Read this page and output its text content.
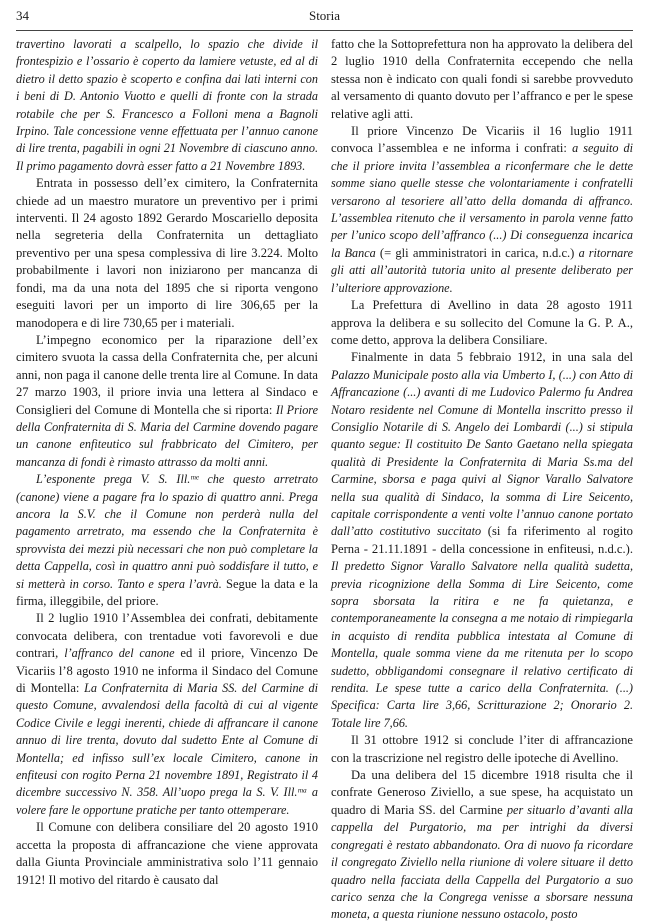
34	Storia

travertino lavorati a scalpello, lo spazio che divide il frontespizio e l’ossario è coperto da lamiere vetuste, ed al di dietro il detto spazio è scoperto e confina dai lati interni con i beni di D. Antonio Vuotto e quelli di fronte con la strada rotabile che per S. Francesco a Folloni mena a Bagnoli Irpino. Tale concessione venne effettuata per l’annuo canone di lire trenta, pagabili in ogni 21 Novembre di ciascuno anno. Il primo pagamento dovrà esser fatto a 21 Novembre 1893.

Entrata in possesso dell’ex cimitero, la Confraternita chiede ad un maestro muratore un preventivo per i primi interventi. Il 24 agosto 1892 Gerardo Moscariello deposita nella segreteria della Confraternita un dettagliato preventivo per una spesa complessiva di lire 3.224. Molto probabilmente i lavori non iniziarono per mancanza di fondi, ma da una nota del 1895 che si riporta vengono eseguiti lavori per un importo di lire 306,65 per la manodopera e di lire 730,65 per i materiali.

L’impegno economico per la riparazione dell’ex cimitero svuota la cassa della Confraternita che, per alcuni anni, non paga il canone delle trenta lire al Comune. In data 27 marzo 1903, il priore invia una lettera al Sindaco e Consiglieri del Comune di Montella che si riporta: Il Priore della Confraternita di S. Maria del Carmine dovendo pagare un canone enfiteutico sul frabbricato del Cimitero, per mancanza di fondi è rimasto attrasso da molti anni.

L’esponente prega V. S. Ill.ᵐᵉ che questo arretrato (canone) viene a pagare fra lo spazio di quattro anni. Prega ancora la S.V. che il Comune non perderà nulla del pagamento arretrato, ma essendo che la Confraternita è sprovvista dei mezzi più necessari che non può completare la detta Cappella, così in quattro anni può soddisfare il tutto, e si metterà in corso. Tanto e spera l’avrà. Segue la data e la firma, illeggibile, del priore.

Il 2 luglio 1910 l’Assemblea dei confrati, debitamente convocata delibera, con trentadue voti favorevoli e due contrari, l’affranco del canone ed il priore, Vincenzo De Vicariis l’8 agosto 1910 ne informa il Sindaco del Comune di Montella: La Confraternita di Maria SS. del Carmine di questo Comune, avvalendosi della facoltà di cui al vigente Codice Civile e leggi inerenti, chiede di affrancare il canone annuo di lire trenta, dovuto dal sudetto Ente al Comune di Montella; ed infisso sull’ex locale Cimitero, canone in enfiteusi con rogito Perna 21 novembre 1891, Registrato il 4 dicembre successivo N. 358. All’uopo prega la S. V. Ill.ᵐᵃ a volere fare le opportune pratiche per tanto ottemperare.

Il Comune con delibera consiliare del 20 agosto 1910 accetta la proposta di affrancazione che viene approvata dalla Giunta Provinciale amministrativa solo l’11 gennaio 1912! Il motivo del ritardo è causato dal

fatto che la Sottoprefettura non ha approvato la delibera del 2 luglio 1910 della Confraternita eccependo che nella stessa non è indicato con quali fondi si sarebbe provveduto al versamento di quanto dovuto per l’affranco e per le spese relative agli atti.

Il priore Vincenzo De Vicariis il 16 luglio 1911 convoca l’assemblea e ne informa i confrati: a seguito di che il priore invita l’assemblea a riconfermare che le dette somme siano quelle stesse che volontariamente i confratelli versarono al tesoriere all’atto della domanda di affranco. L’assemblea ritenuto che il versamento in parola venne fatto per l’unico scopo dell’affranco (...) Di conseguenza incarica la Banca (= gli amministratori in carica, n.d.c.) a ritornare gli atti all’autorità tutoria unito al presente deliberato per l’ulteriore approvazione.

La Prefettura di Avellino in data 28 agosto 1911 approva la delibera e su sollecito del Comune la G. P. A., come detto, approva la delibera Consiliare.

Finalmente in data 5 febbraio 1912, in una sala del Palazzo Municipale posto alla via Umberto I, (...) con Atto di Affrancazione (...) avanti di me Ludovico Palermo fu Andrea Notaro residente nel Comune di Montella inscritto presso il Consiglio Notarile di S. Angelo dei Lombardi (...) si stipula quanto segue: Il costituito De Santo Gaetano nella spiegata qualità di Presidente la Confraternita di Maria Ss.ma del Carmine, sborsa e paga quivi al Signor Varallo Salvatore nella sua qualità di Sindaco, la somma di Lire Seicento, capitale corrispondente a venti volte l’annuo canone portato dall’atto costitutivo succitato (si fa riferimento al rogito Perna - 21.11.1891 - della concessione in enfiteusi, n.d.c.). Il predetto Signor Varallo Salvatore nella qualità sudetta, previa ricognizione della Somma di Lire Seicento, come sopra sborsata la ritira e ne fa quietanza, e contemporaneamente la consegna a me notaio di rimpiegarla in acquisto di rendita pubblica intestata al Comune di Montella, quale somma viene da me ritenuta per lo scopo sudetto, obbligandomi consegnare il relativo certificato di rendita. Le spese tutte a carico della Confraternita. (...) Specifica: Carta lire 3,66, Scritturazione 2; Onorario 2. Totale lire 7,66.

Il 31 ottobre 1912 si conclude l’iter di affrancazione con la trascrizione nel registro delle ipoteche di Avellino.

Da una delibera del 15 dicembre 1918 risulta che il confrate Generoso Ziviello, a sue spese, ha acquistato un quadro di Maria SS. del Carmine per situarlo d’avanti alla cappella del Purgatorio, ma per intrighi da diversi congregati è restato abbandonato. Ora di nuovo fa ricordare il congregato Ziviello nella riunione di volere situare il detto quadro nella facciata della Cappella del Purgatorio a suo carico senza che la Congrega venisse a sborsare nessuna moneta, a questa riunione nessuno ostacolo, posto
